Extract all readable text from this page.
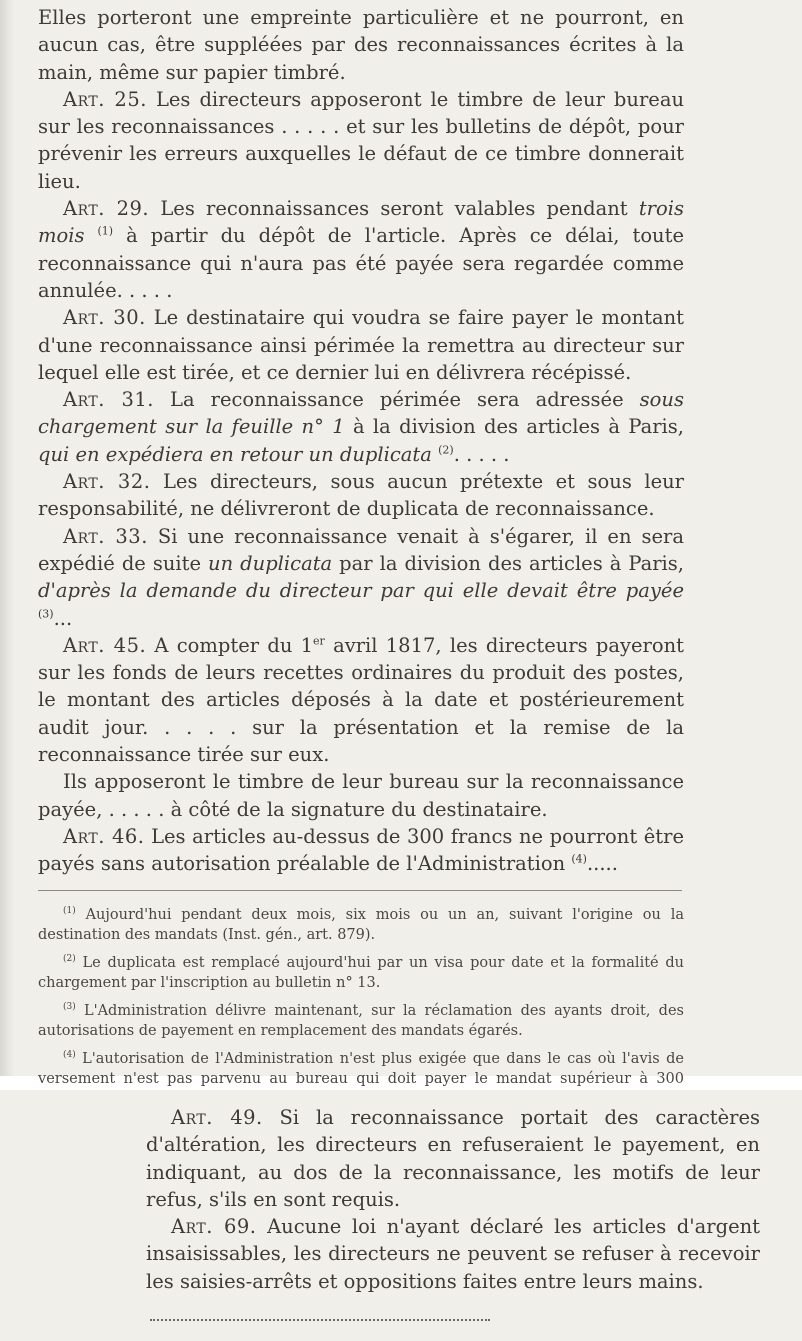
Elles porteront une empreinte particulière et ne pourront, en aucun cas, être suppléées par des reconnaissances écrites à la main, même sur papier timbré.

Art. 25. Les directeurs apposeront le timbre de leur bureau sur les reconnaissances . . . . . et sur les bulletins de dépôt, pour prévenir les erreurs auxquelles le défaut de ce timbre donnerait lieu.

Art. 29. Les reconnaissances seront valables pendant trois mois $^{(1)}$ à partir du dépôt de l'article. Après ce délai, toute reconnaissance qui n'aura pas été payée sera regardée comme annulée. . . . .

Art. 30. Le destinataire qui voudra se faire payer le montant d'une reconnaissance ainsi périmée la remettra au directeur sur lequel elle est tirée, et ce dernier lui en délivrera récépissé.

Art. 31. La reconnaissance périmée sera adressée sous chargement sur la feuille n° 1 à la division des articles à Paris, qui en expédiera en retour un duplicata $^{(2)}$. . . . .

Art. 32. Les directeurs, sous aucun prétexte et sous leur responsabilité, ne délivreront de duplicata de reconnaissance.

Art. 33. Si une reconnaissance venait à s'égarer, il en sera expédié de suite un duplicata par la division des articles à Paris, d'après la demande du directeur par qui elle devait être payée $^{(3)}$...

Art. 45. A compter du 1er avril 1817, les directeurs payeront sur les fonds de leurs recettes ordinaires du produit des postes, le montant des articles déposés à la date et postérieurement audit jour. . . . . sur la présentation et la remise de la reconnaissance tirée sur eux.

Ils apposeront le timbre de leur bureau sur la reconnaissance payée, . . . . . à côté de la signature du destinataire.

Art. 46. Les articles au-dessus de 300 francs ne pourront être payés sans autorisation préalable de l'Administration $^{(4)}$.....

$^{(1)}$ Aujourd'hui pendant deux mois, six mois ou un an, suivant l'origine ou la destination des mandats (Inst. gén., art. 879).

$^{(2)}$ Le duplicata est remplacé aujourd'hui par un visa pour date et la formalité du chargement par l'inscription au bulletin n° 13.

$^{(3)}$ L'Administration délivre maintenant, sur la réclamation des ayants droit, des autorisations de payement en remplacement des mandats égarés.

$^{(4)}$ L'autorisation de l'Administration n'est plus exigée que dans le cas où l'avis de versement n'est pas parvenu au bureau qui doit payer le mandat supérieur à 300

Art. 49. Si la reconnaissance portait des caractères d'altération, les directeurs en refuseraient le payement, en indiquant, au dos de la reconnaissance, les motifs de leur refus, s'ils en sont requis.

Art. 69. Aucune loi n'ayant déclaré les articles d'argent insaisissables, les directeurs ne peuvent se refuser à recevoir les saisies-arrêts et oppositions faites entre leurs mains.
